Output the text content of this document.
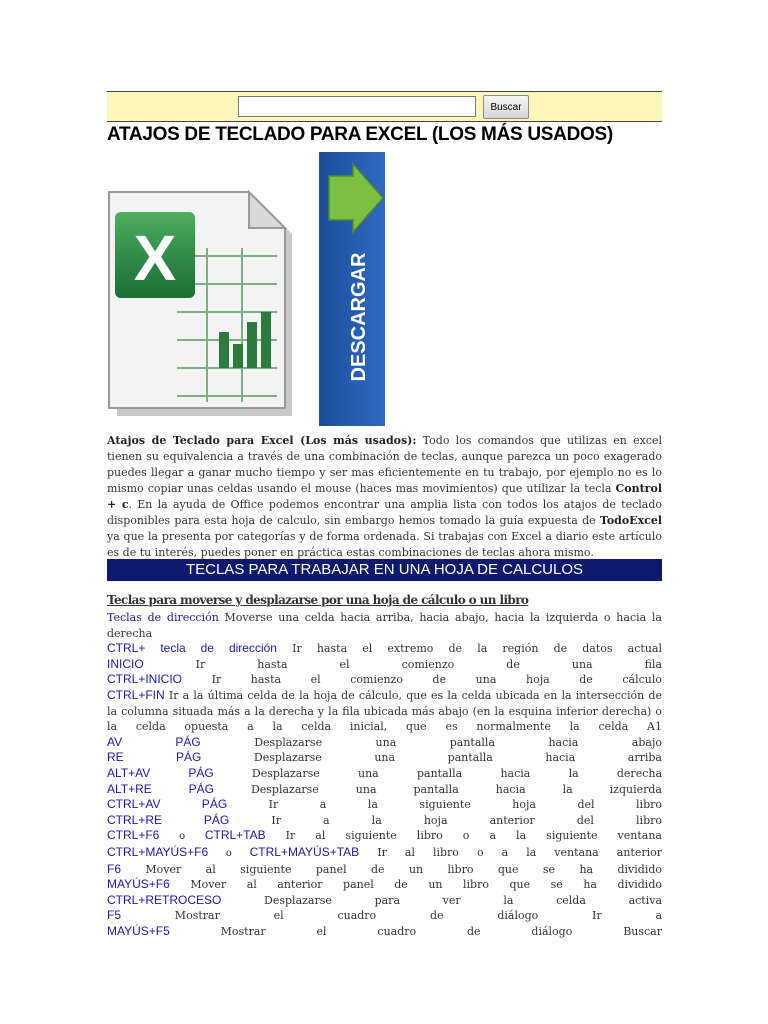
Buscar
ATAJOS DE TECLADO PARA EXCEL (LOS MÁS USADOS)
X	DESCARGAR

Atajos de Teclado para Excel (Los más usados): Todo los comandos que utilizas en excel tienen su equivalencia a través de una combinación de teclas, aunque parezca un poco exagerado puedes llegar a ganar mucho tiempo y ser mas eficientemente en tu trabajo, por ejemplo no es lo mismo copiar unas celdas usando el mouse (haces mas movimientos) que utilizar la tecla Control + c. En la ayuda de Office podemos encontrar una amplia lista con todos los atajos de teclado disponibles para esta hoja de calculo, sin embargo hemos tomado la guía expuesta de TodoExcel ya que la presenta por categorías y de forma ordenada. Si trabajas con Excel a diario este artículo es de tu interés, puedes poner en práctica estas combinaciones de teclas ahora mismo.

TECLAS PARA TRABAJAR EN UNA HOJA DE CALCULOS
Teclas para moverse y desplazarse por una hoja de cálculo o un libro
Teclas de dirección Moverse una celda hacia arriba, hacia abajo, hacia la izquierda o hacia la derecha
CTRL+ tecla de dirección Ir hasta el extremo de la región de datos actual
INICIO Ir hasta el comienzo de una fila
CTRL+INICIO Ir hasta el comienzo de una hoja de cálculo
CTRL+FIN Ir a la última celda de la hoja de cálculo, que es la celda ubicada en la intersección de la columna situada más a la derecha y la fila ubicada más abajo (en la esquina inferior derecha) o la celda opuesta a la celda inicial, que es normalmente la celda A1
AV PÁG Desplazarse una pantalla hacia abajo
RE PÁG Desplazarse una pantalla hacia arriba
ALT+AV PÁG Desplazarse una pantalla hacia la derecha
ALT+RE PÁG Desplazarse una pantalla hacia la izquierda
CTRL+AV PÁG Ir a la siguiente hoja del libro
CTRL+RE PÁG Ir a la hoja anterior del libro
CTRL+F6 o CTRL+TAB Ir al siguiente libro o a la siguiente ventana
CTRL+MAYÚS+F6 o CTRL+MAYÚS+TAB Ir al libro o a la ventana anterior
F6 Mover al siguiente panel de un libro que se ha dividido
MAYÚS+F6 Mover al anterior panel de un libro que se ha dividido
CTRL+RETROCESO Desplazarse para ver la celda activa
F5 Mostrar el cuadro de diálogo Ir a
MAYÚS+F5 Mostrar el cuadro de diálogo Buscar
